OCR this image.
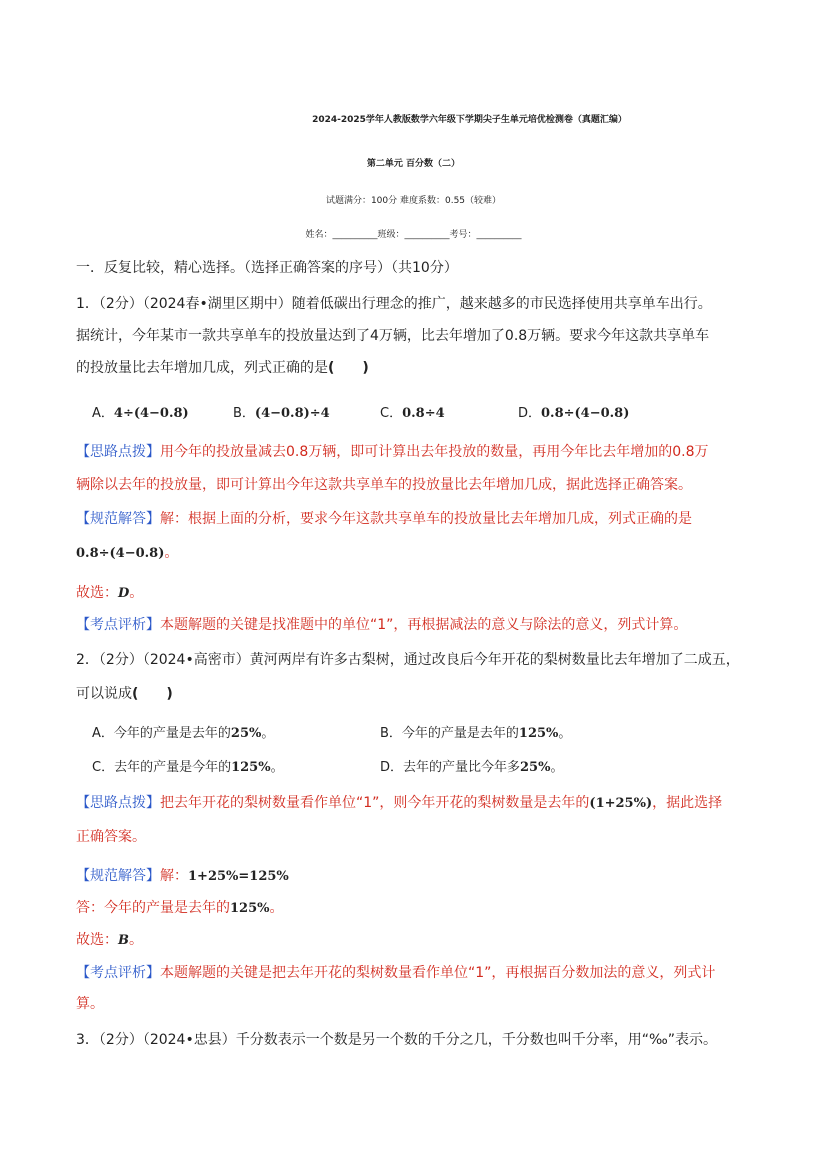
2024-2025学年人教版数学六年级下学期尖子生单元培优检测卷（真题汇编）
第二单元 百分数（二）
试题满分：100分 难度系数：0.55（较难）
姓名：__________班级：__________考号：__________
一．反复比较，精心选择。（选择正确答案的序号）（共10分）
1．（2分）（2024春•湖里区期中）随着低碳出行理念的推广，越来越多的市民选择使用共享单车出行。
据统计，今年某市一款共享单车的投放量达到了4万辆，比去年增加了0.8万辆。要求今年这款共享单车
的投放量比去年增加几成，列式正确的是(　　)
A．4÷(4−0.8)	B．(4−0.8)÷4	C．0.8÷4	D．0.8÷(4−0.8)
【思路点拨】用今年的投放量减去0.8万辆，即可计算出去年投放的数量，再用今年比去年增加的0.8万
辆除以去年的投放量，即可计算出今年这款共享单车的投放量比去年增加几成，据此选择正确答案。
【规范解答】解：根据上面的分析，要求今年这款共享单车的投放量比去年增加几成，列式正确的是
0.8÷(4−0.8)。
故选：D。
【考点评析】本题解题的关键是找准题中的单位“1”，再根据减法的意义与除法的意义，列式计算。
2．（2分）（2024•高密市）黄河两岸有许多古梨树，通过改良后今年开花的梨树数量比去年增加了二成五，
可以说成(　　)
A．今年的产量是去年的25%。	B．今年的产量是去年的125%。
C．去年的产量是今年的125%。	D．去年的产量比今年多25%。
【思路点拨】把去年开花的梨树数量看作单位“1”，则今年开花的梨树数量是去年的(1+25%)，据此选择
正确答案。
【规范解答】解：1+25%=125%
答：今年的产量是去年的125%。
故选：B。
【考点评析】本题解题的关键是把去年开花的梨树数量看作单位“1”，再根据百分数加法的意义，列式计
算。
3．（2分）（2024•忠县）千分数表示一个数是另一个数的千分之几，千分数也叫千分率，用“‰”表示。
